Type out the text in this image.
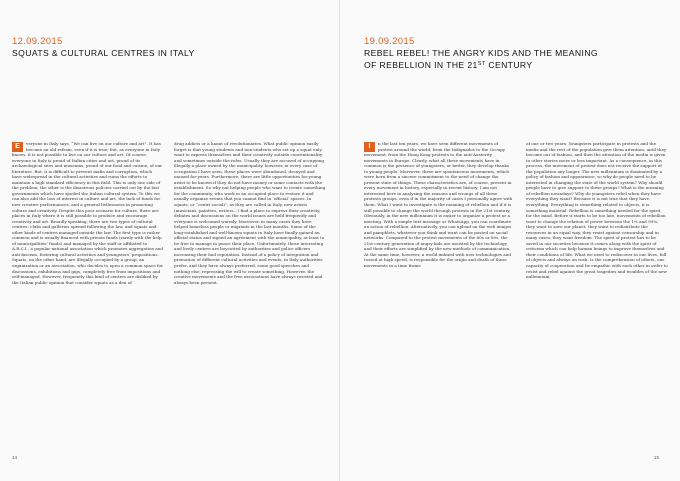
12.09.2015
SQUATS & CULTURAL CENTRES IN ITALY
E	veryone in Italy says, “We can live on our culture and art”. It has become an old refrain, even if it is true; but, as everyone in Italy knows, it is not possible to live on our culture and art. Of course, everyone in Italy is proud of Italian cities and art, proud of its archaeological sites and museums, proud of our food and cuisine, of our literature. But, it is difficult to prevent mafia and corruption, which have widespread in the cultural activities and ruins the efforts to maintain a high standard efficiency in this field. This is only one side of the problem; the other is the disastrous policies carried out by the last governments which have spoiled the Italian cultural system. To this we can also add the loss of interest in culture and art, the lack of funds for new creative performances, and a general listlessness in promoting culture and creativity. Despite this poor scenario for culture, there are places in Italy where it is still possible to produce and encourage creativity and art. Broadly speaking, there are two types of cultural centres: clubs and galleries opened following the law, and squats and other kinds of centres managed outside the law. The first type is rather common and is usually financed with private funds (rarely with the help of municipalities’ funds) and managed by the staff or affiliated to A.R.C.I., a popular national association which promotes aggregation and anti-fascism, fostering cultural activities and youngsters’ propositions. Squats, on the other hand, are illegally occupied by a group, an organization or an association, who decides to open a common space for discussions, exhibitions and gigs, completely free from impositions and self-managed. However, frequently this kind of centres are disliked by the Italian public opinion that consider squats as a den of
drug addicts or a haunt of revolutionaries. What public opinion easily forget is that young students and non-students who set up a squat only want to express themselves and their creativity outside conventionality and sometimes outside the rules. Usually they are accused of occupying illegally a place owned by the municipality, however, in every case of occupation I have seen, these places were abandoned, decayed and unused for years. Furthermore, there are little opportunities for young artist to be known if they do not have money or some contacts with the establishment. So why not helping people who want to create something for the community, who work in an occupied place to restore it and usually organize events that you cannot find in ‘official’ spaces. In squats, or “centri sociali”, as they are called in Italy, new artists (musicians, painters, writers…) find a place to express their creativity, debates and discussions on the world issues are held frequently and everyone is welcomed warmly. Moreover, in many cases they have helped homeless people or migrants in the last months. Some of the long-established and well-known squats in Italy have finally gained an official status and signed an agreement with the municipality, at least to be free to manage in peace their place. Unfortunately, these interesting and lively centres are boycotted by authorities and police officers increasing their bad reputation. Instead of a policy of integration and promotion of different cultural activities and events, in Italy authorities prefer, and they have always preferred, some good speeches and nothing else, repressing the will to create something. However, the creative movements and the free associations have always resisted and always been present.
14
19.09.2015
REBEL REBEL! THE ANGRY KIDS AND THE MEANING
OF REBELLION IN THE 21ST CENTURY
I	n the last ten years, we have seen different movements of protest around the world, from the Indignados to the Occupy movement, from the Hong Kong protests to the anti-Austerity movements in Europe. Clearly, what all these movements have in common is the presence of youngsters, or better, they develop thanks to young people. Moreover, these are spontaneous movements, which were born from a sincere commitment to the need of change the present state of things. These characteristics are, of course, present in every movement in history, especially in recent history. I am not interested here in analysing the reasons and wrongs of all these protests groups, even if in the majority of cases I personally agree with them. What I want to investigate is the meaning of rebellion and if it is still possible to change the world through protests in the 21st century. Obviously, in the new millennium it is easier to organize a protest or a meeting. With a simple text message or WhatsApp, you can coordinate an action of rebellion. Alternatively, you can upload on the web images and pamphlets, whatever you think and want can be posted on social networks. Compared to the protest movements of the 60s or 80s, the 21st-century generation of angry kids are assisted by the technology and their efforts are simplified by the new methods of communication. At the same time, however, a world imbued with new technologies and tossed at high speed, is responsible for the origin and death of these movements in a time frame
of one or two years. Youngsters participate in protests and the media and the rest of the population give them attention, until they become out of fashion, and then the attention of the media is given to other stories more or less important. As a consequence, in this process, the movement of protest does not receive the support of the population any longer. The new millennium is dominated by a policy of fashion and appearance, so why do people need to be interested in changing the state of the world system? Why should people have to give support to these groups? What is the meaning of rebellion nowadays? Why do youngsters rebel when they have everything they want? Because it is not true that they have everything. Everything is something related to objects, it is something material. Rebellion is something needed for the spirit, for the mind. Before it starts to be too late, movements of rebellion want to change the relation of power between the 1% and 99%, they want to save our planet, they want to redistribute the resources in an equal way, they resist against censorship and in many cases, they want freedom. The spirit of protest has to be saved in our societies because it comes along with the spirit of criticism which can help human beings to improve themselves and their conditions of life. What we need to rediscover in our lives, full of objects and always on rush, is the comprehension of others, our capacity of cooperation and be empathic with each other in order to resist and rebel against the great tragedies and troubles of the new millennium.
15
